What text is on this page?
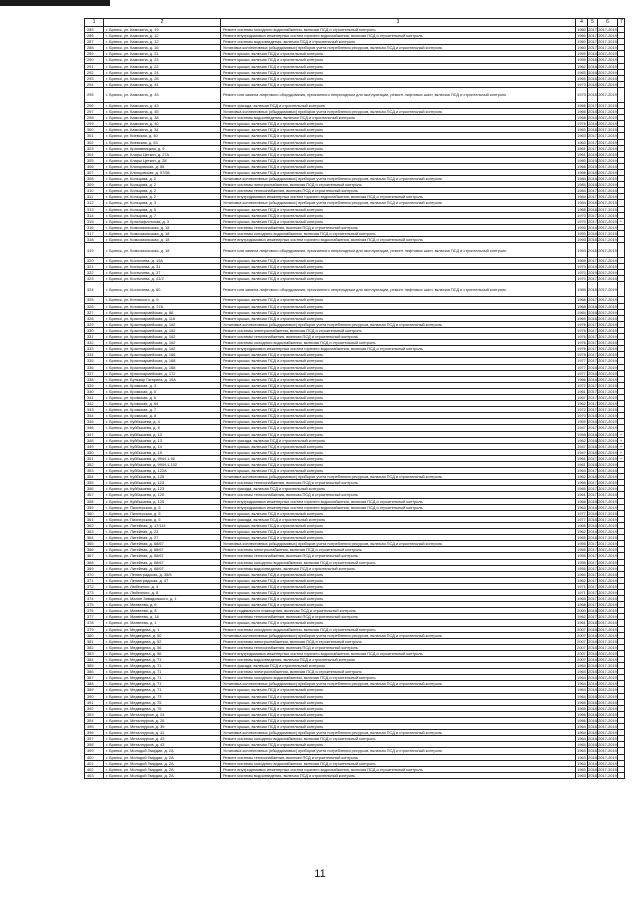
1	2	3	4	5	6	7
285	г. Брянск, ул. Камозина, д. 19	Ремонт системы холодного водоснабжения, включая ПСД и строительный контроль	1960	2017	2017-2019	
286	г. Брянск, ул. Камозина, д. 12	Ремонт внутридомовых инженерных систем горячего водоснабжения, включая ПСД и строительный контроль	1960	2017	2017-2019	
287	г. Брянск, ул. Камозина, д. 12	Ремонт системы водоотведения, включая ПСД и строительный контроль	1960	2017	2017-2019	
288	г. Брянск, ул. Камозина, д. 16	Установка коллективных (общедомовых) приборов учета потребления ресурсов, включая ПСД и строительный контроль	1960	2017	2017-2019	
289	г. Брянск, ул. Камозина, д. 21	Ремонт крыши, включая ПСД и строительный контроль	1959	2018	2017-2019	
290	г. Брянск, ул. Камозина, д. 23	Ремонт крыши, включая ПСД и строительный контроль	1959	2018	2017-2019	
291	г. Брянск, ул. Камозина, д. 22	Ремонт крыши, включая ПСД и строительный контроль	1962	2018	2017-2019	
292	г. Брянск, ул. Камозина, д. 24	Ремонт крыши, включая ПСД и строительный контроль	1963	2018	2017-2019	
293	г. Брянск, ул. Камозина, д. 28	Ремонт крыши, включая ПСД и строительный контроль	1969	2018	2017-2019	
294	г. Брянск, ул. Камозина, д. 41	Ремонт крыши, включая ПСД и строительный контроль	1973	2018	2017-2019	
295	г. Брянск, ул. Камозина, д. 43	Ремонт или замена лифтового оборудования, признанного непригодным для эксплуатации, ремонт лифтовых шахт, включая ПСД и строительный контроль	1973	2018	2017-2019	
296	г. Брянск, ул. Камозина, д. 43	Ремонт фасада, включая ПСД и строительный контроль	1966	2017	2017-2019	
297	г. Брянск, ул. Камозина, д. 45	Установка коллективных (общедомовых) приборов учета потребления ресурсов, включая ПСД и строительный контроль	1966	2018	2017-2019	
298	г. Брянск, ул. Камозина, д. 38	Ремонт системы водоотведения, включая ПСД и строительный контроль	1968	2018	2017-2019	
299	г. Брянск, ул. Камозина, д. 40	Ремонт крыши, включая ПСД и строительный контроль	1978	2018	2017-2019	
300	г. Брянск, ул. Камозина, д. 34	Ремонт крыши, включая ПСД и строительный контроль	1963	2018	2017-2019	
301	г. Брянск, ул. Киевская, д. 40	Ремонт крыши, включая ПСД и строительный контроль	1963	2017	2017-2019	
302	г. Брянск, ул. Киевская, д. 53	Ремонт крыши, включая ПСД и строительный контроль	1963	2017	2017-2019	
303	г. Брянск, ул. Крапивницкая, д. 9	Ремонт крыши, включая ПСД и строительный контроль	1961	2017	2017-2019	
304	г. Брянск, ул. Клары Цеткин, д. 27А	Ремонт крыши, включая ПСД и строительный контроль	1961	2019	2017-2019	
305	г. Брянск, ул. Клары Цеткин, д. 28	Ремонт крыши, включая ПСД и строительный контроль	1960	2019	2017-2019	
306	г. Брянск, ул. Клинцовская, д. 55	Ремонт крыши, включая ПСД и строительный контроль	1966	2019	2017-2019	
307	г. Брянск, ул. Клинцовская, д. 57/56	Ремонт крыши, включая ПСД и строительный контроль	1966	2018	2017-2019	
308	г. Брянск, ул. Кольцова, д. 2	Установка коллективных (общедомовых) приборов учета потребления ресурсов, включая ПСД и строительный контроль	1984	2018	2017-2019	
309	г. Брянск, ул. Кольцова, д. 2	Ремонт системы электроснабжения, включая ПСД и строительный контроль	1984	2018	2017-2019	
310	г. Брянск, ул. Кольцова, д. 2	Ремонт системы теплоснабжения, включая ПСД и строительный контроль	1984	2017	2017-2019	
311	г. Брянск, ул. Кольцова, д. 2	Ремонт внутридомовых инженерных систем горячего водоснабжения, включая ПСД и строительный контроль	1984	2017	2017-2019	
312	г. Брянск, ул. Кольцова, д. 3	Установка коллективных (общедомовых) приборов учета потребления ресурсов, включая ПСД и строительный контроль	1984	2018	2017-2019	
313	г. Брянск, ул. Кольцова, д. 5	Ремонт крыши, включая ПСД и строительный контроль	1968	2018	2017-2019	
314	г. Брянск, ул. Кольцова, д. 7	Ремонт крыши, включая ПСД и строительный контроль	1970	2017	2017-2019	
315	г. Брянск, ул. Краснофлотская, д. 3	Ремонт крыши, включая ПСД и строительный контроль	1970	2017	2017-2019	+
316	г. Брянск, ул. Комсомольская, д. 18	Ремонт системы теплоснабжения, включая ПСД и строительный контроль	1993	2018	2017-2019	
317	г. Брянск, ул. Комсомольская, д. 18	Ремонт системы холодного водоснабжения, включая ПСД и строительный контроль	1993	2018	2017-2019	
318	г. Брянск, ул. Комсомольская, д. 18	Ремонт внутридомовых инженерных систем горячего водоснабжения, включая ПСД и строительный контроль	1993	2018	2017-2019	
319	г. Брянск, ул. Комсомольская, д. 18	Ремонт или замена лифтового оборудования, признанного непригодным для эксплуатации, ремонт лифтовых шахт, включая ПСД и строительный контроль	1993	2018	2017-2019	
320	г. Брянск, ул. Костычева, д. 19А	Ремонт крыши, включая ПСД и строительный контроль	1969	2017	2017-2019	
321	г. Брянск, ул. Костычева, д. 31	Ремонт крыши, включая ПСД и строительный контроль	1970	2019	2017-2019	
322	г. Брянск, ул. Костычева, д. 37	Ремонт крыши, включая ПСД и строительный контроль	1970	2019	2017-2019	
323	г. Брянск, ул. Костычева, д. 41/2	Ремонт крыши, включая ПСД и строительный контроль	1970	2017	2017-2019	
324	г. Брянск, ул. Костычева, д. 60	Ремонт или замена лифтового оборудования, признанного непригодным для эксплуатации, ремонт лифтовых шахт, включая ПСД и строительный контроль	1989	2018	2017-2019	
325	г. Брянск, ул. Котовского, д. 6	Ремонт крыши, включая ПСД и строительный контроль	1968	2017	2017-2019	
326	г. Брянск, ул. Котовского, д. 27А	Ремонт крыши, включая ПСД и строительный контроль	1968	2018	2017-2019	
327	г. Брянск, ул. Красноармейская, д. 88	Ремонт крыши, включая ПСД и строительный контроль	1964	2018	2017-2019	
328	г. Брянск, ул. Красноармейская, д. 116	Ремонт крыши, включая ПСД и строительный контроль	1969	2018	2017-2019	
329	г. Брянск, ул. Красноармейская, д. 162	Установка коллективных (общедомовых) приборов учета потребления ресурсов, включая ПСД и строительный контроль	1976	2017	2017-2019	
330	г. Брянск, ул. Красноармейская, д. 162	Ремонт системы электроснабжения, включая ПСД и строительный контроль	1976	2017	2017-2019	
331	г. Брянск, ул. Красноармейская, д. 162	Ремонт системы теплоснабжения, включая ПСД и строительный контроль	1976	2017	2017-2019	
332	г. Брянск, ул. Красноармейская, д. 162	Ремонт системы холодного водоснабжения, включая ПСД и строительный контроль	1976	2017	2017-2019	
333	г. Брянск, ул. Красноармейская, д. 162	Ремонт внутридомовых инженерных систем горячего водоснабжения, включая ПСД и строительный контроль	1976	2017	2017-2019	
334	г. Брянск, ул. Красноармейская, д. 166	Ремонт крыши, включая ПСД и строительный контроль	1978	2017	2017-2019	
335	г. Брянск, ул. Красноармейская, д. 168	Ремонт крыши, включая ПСД и строительный контроль	1977	2017	2017-2019	
336	г. Брянск, ул. Красноармейская, д. 168	Ремонт крыши, включая ПСД и строительный контроль	1977	2018	2017-2019	
337	г. Брянск, ул. Красноармейская, д. 172	Ремонт крыши, включая ПСД и строительный контроль	1977	2018	2017-2019	
338	г. Брянск, ул. Бульвар Гагарина, д. 19А	Ремонт крыши, включая ПСД и строительный контроль	1966	2018	2017-2019	
339	г. Брянск, ул. Кромская, д. 3	Ремонт крыши, включая ПСД и строительный контроль	1972	2017	2017-2019	
340	г. Брянск, ул. Кромская, д. 5	Ремонт крыши, включая ПСД и строительный контроль	1961	2017	2017-2019	
341	г. Брянск, ул. Кромская, д. 6	Ремонт крыши, включая ПСД и строительный контроль	1967	2017	2017-2019	
342	г. Брянск, ул. Кромская, д. 64	Ремонт крыши, включая ПСД и строительный контроль	1962	2017	2017-2019	
343	г. Брянск, ул. Кромская, д. 7	Ремонт крыши, включая ПСД и строительный контроль	1972	2017	2017-2019	
344	г. Брянск, ул. Кромская, д. 8	Ремонт крыши, включая ПСД и строительный контроль	1970	2018	2017-2019	
345	г. Брянск, ул. Куйбышева, д. 4	Ремонт крыши, включая ПСД и строительный контроль	1959	2018	2017-2019	
346	г. Брянск, ул. Куйбышева, д. 6	Ремонт крыши, включая ПСД и строительный контроль	1947	2017	2017-2019	
347	г. Брянск, ул. Куйбышева, д. 13	Ремонт крыши, включая ПСД и строительный контроль	1959	2018	2017-2019	+
348	г. Брянск, ул. Куйбышева, д. 13	Ремонт фасада, включая ПСД и строительный контроль	1962	2018	2017-2019	+
349	г. Брянск, ул. Куйбышева, д. 14	Ремонт крыши, включая ПСД и строительный контроль	1947	2018	2017-2019	+
350	г. Брянск, ул. Куйбышева, д. 15	Ремонт крыши, включая ПСД и строительный контроль	1947	2018	2017-2019	+
351	г. Брянск, ул. Куйбышева, д. 99/И-1-90	Ремонт крыши, включая ПСД и строительный контроль	1961	2017	2017-2019	+
352	г. Брянск, ул. Куйбышева, д. 99/И-1-102	Ремонт крыши, включая ПСД и строительный контроль	1961	2018	2017-2019	
353	г. Брянск, ул. Куйбышева, д. 122А	Ремонт крыши, включая ПСД и строительный контроль	1963	2017	2017-2019	
354	г. Брянск, ул. Куйбышева, д. 125	Установка коллективных (общедомовых) приборов учета потребления ресурсов, включая ПСД и строительный контроль	1962	2018	2017-2019	
355	г. Брянск, ул. Куйбышева, д. 123	Ремонт системы теплоснабжения, включая ПСД и строительный контроль	1965	2017	2017-2019	
356	г. Брянск, ул. Куйбышева, д. 123	Ремонт фасада, включая ПСД и строительный контроль	1965	2017	2017-2019	
357	г. Брянск, ул. Куйбышева, д. 125	Ремонт системы теплоснабжения, включая ПСД и строительный контроль	1961	2017	2017-2019	
358	г. Брянск, ул. Куйбышева, д. 125	Ремонт внутридомовых инженерных систем горячего водоснабжения, включая ПСД и строительный контроль	1966	2018	2017-2019	
359	г. Брянск, ул. Пионерская, д. 5	Ремонт внутридомовых инженерных систем горячего водоснабжения, включая ПСД и строительный контроль	1963	2018	2017-2019	
360	г. Брянск, ул. Пионерская, д. 5	Ремонт крыши, включая ПСД и строительный контроль	1977	2018	2017-2019	
361	г. Брянск, ул. Пионерская, д. 5	Ремонт фасада, включая ПСД и строительный контроль	1977	2018	2017-2019	
362	г. Брянск, ул. Литейная, д. 17/114	Ремонт крыши, включая ПСД и строительный контроль	1965	2018	2017-2019	
363	г. Брянск, ул. Литейная, д. 23	Ремонт крыши, включая ПСД и строительный контроль	1962	2018	2017-2019	
364	г. Брянск, ул. Литейная, д. 27	Ремонт крыши, включая ПСД и строительный контроль	1965	2018	2017-2019	
365	г. Брянск, ул. Литейная, д. 68/67	Установка коллективных (общедомовых) приборов учета потребления ресурсов, включая ПСД и строительный контроль	1955	2017	2017-2019	
366	г. Брянск, ул. Литейная, д. 68/67	Ремонт системы электроснабжения, включая ПСД и строительный контроль	1955	2017	2017-2019	
367	г. Брянск, ул. Литейная, д. 68/67	Ремонт системы теплоснабжения, включая ПСД и строительный контроль	1955	2017	2017-2019	
368	г. Брянск, ул. Литейная, д. 68/67	Ремонт системы холодного водоснабжения, включая ПСД и строительный контроль	1955	2017	2017-2019	
369	г. Брянск, ул. Литейная, д. 68/67	Ремонт системы водоотведения, включая ПСД и строительный контроль	1955	2017	2017-2019	
370	г. Брянск, ул. Ленинградская, д. 35/5	Ремонт крыши, включая ПСД и строительный контроль	1960	2017	2017-2019	
371	г. Брянск, ул. Ленинградская, д. 47	Ремонт крыши, включая ПСД и строительный контроль	1962	2017	2017-2019	
372	г. Брянск, ул. Любезного, д. 4	Ремонт крыши, включая ПСД и строительный контроль	1971	2017	2017-2019	
373	г. Брянск, ул. Любезного, д. 8	Ремонт крыши, включая ПСД и строительный контроль	1971	2017	2017-2019	
374	г. Брянск, ул. Малое Завадовского, д. 1	Ремонт крыши, включая ПСД и строительный контроль	1965	2017	2017-2019	
375	г. Брянск, ул. Матвеева, д. 6	Ремонт крыши, включая ПСД и строительный контроль	1968	2017	2017-2019	
376	г. Брянск, ул. Матвеева, д. 8	Ремонт подвального помещения, включая ПСД и строительный контроль	2000	2018	2017-2019	
377	г. Брянск, ул. Матвеева, д. 16	Ремонт системы теплоснабжения, включая ПСД и строительный контроль	1962	2017	2017-2019	
378	г. Брянск, ул. Матвеева, д. 1	Ремонт крыши, включая ПСД и строительный контроль	1961	2018	2017-2019	
379	г. Брянск, ул. Медведева, д. 1	Ремонт системы холодного водоснабжения, включая ПСД и строительный контроль	2007	2018	2017-2019	
380	г. Брянск, ул. Медведева, д. 50	Установка коллективных (общедомовых) приборов учета потребления ресурсов, включая ПСД и строительный контроль	2007	2018	2017-2019	
381	г. Брянск, ул. Медведева, д. 52	Ремонт системы электроснабжения, включая ПСД и строительный контроль	2007	2018	2017-2019	
382	г. Брянск, ул. Медведева, д. 56	Ремонт системы теплоснабжения, включая ПСД и строительный контроль	2007	2018	2017-2019	
383	г. Брянск, ул. Медведева, д. 56	Ремонт внутридомовых инженерных систем горячего водоснабжения, включая ПСД и строительный контроль	2007	2018	2017-2019	
384	г. Брянск, ул. Медведева, д. 71	Ремонт системы водоотведения, включая ПСД и строительный контроль	2007	2018	2017-2019	
385	г. Брянск, ул. Медведева, д. 71	Ремонт фасада, включая ПСД и строительный контроль	1964	2018	2017-2019	
386	г. Брянск, ул. Медведева, д. 71	Ремонт системы электроснабжения, включая ПСД и строительный контроль	1964	2018	2017-2019	
387	г. Брянск, ул. Медведева, д. 71	Ремонт системы холодного водоснабжения, включая ПСД и строительный контроль	1964	2018	2017-2019	
388	г. Брянск, ул. Медведева, д. 71	Установка коллективных (общедомовых) приборов учета потребления ресурсов, включая ПСД и строительный контроль	1964	2018	2017-2019	
389	г. Брянск, ул. Медведева, д. 71	Ремонт крыши, включая ПСД и строительный контроль	1964	2018	2017-2019	
390	г. Брянск, ул. Медведева, д. 73	Ремонт крыши, включая ПСД и строительный контроль	1964	2018	2017-2019	
391	г. Брянск, ул. Медведева, д. 75	Ремонт крыши, включая ПСД и строительный контроль	1965	2018	2017-2019	
392	г. Брянск, ул. Медведева, д. 75	Ремонт крыши, включая ПСД и строительный контроль	1965	2018	2017-2019	
393	г. Брянск, ул. Металлургов, д. 24	Ремонт крыши, включая ПСД и строительный контроль	1966	2018	2017-2019	
394	г. Брянск, ул. Металлургов, д. 26	Ремонт крыши, включая ПСД и строительный контроль	1966	2018	2017-2019	
395	г. Брянск, ул. Металлургов, д. 39	Ремонт крыши, включая ПСД и строительный контроль	1964	2018	2017-2019	
396	г. Брянск, ул. Металлургов, д. 41	Установка коллективных (общедомовых) приборов учета потребления ресурсов, включая ПСД и строительный контроль	1964	2018	2017-2019	
397	г. Брянск, ул. Металлургов, д. 43	Ремонт системы холодного водоснабжения, включая ПСД и строительный контроль	1964	2018	2017-2019	
398	г. Брянск, ул. Металлургов, д. 43	Ремонт крыши, включая ПСД и строительный контроль	1964	2018	2017-2019	
399	г. Брянск, ул. Молодой Гвардии, д. 2А	Установка коллективных (общедомовых) приборов учета потребления ресурсов, включая ПСД и строительный контроль	1963	2018	2017-2019	
400	г. Брянск, ул. Молодой Гвардии, д. 2А	Ремонт системы теплоснабжения, включая ПСД и строительный контроль	1963	2018	2017-2019	
401	г. Брянск, ул. Молодой Гвардии, д. 2А	Ремонт системы холодного водоснабжения, включая ПСД и строительный контроль	1963	2018	2017-2019	
402	г. Брянск, ул. Молодой Гвардии, д. 2А	Ремонт внутридомовых инженерных систем горячего водоснабжения, включая ПСД и строительный контроль	1963	2018	2017-2019	
403	г. Брянск, ул. Молодой Гвардии, д. 2А	Ремонт системы водоотведения, включая ПСД и строительный контроль	1963	2018	2017-2019	
11
